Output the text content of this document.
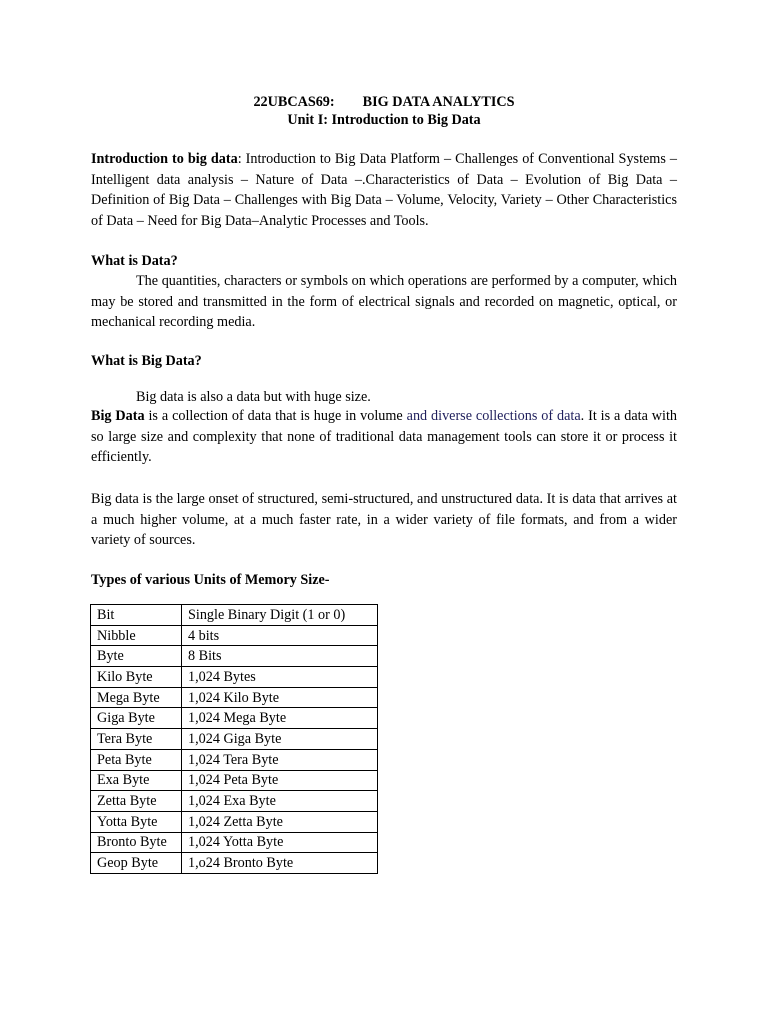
22UBCAS69: BIG DATA ANALYTICS
Unit I: Introduction to Big Data
Introduction to big data: Introduction to Big Data Platform – Challenges of Conventional Systems – Intelligent data analysis – Nature of Data –.Characteristics of Data – Evolution of Big Data – Definition of Big Data – Challenges with Big Data – Volume, Velocity, Variety – Other Characteristics of Data – Need for Big Data–Analytic Processes and Tools.
What is Data?
The quantities, characters or symbols on which operations are performed by a computer, which may be stored and transmitted in the form of electrical signals and recorded on magnetic, optical, or mechanical recording media.
What is Big Data?
Big data is also a data but with huge size.
Big Data is a collection of data that is huge in volume and diverse collections of data. It is a data with so large size and complexity that none of traditional data management tools can store it or process it efficiently.
Big data is the large onset of structured, semi-structured, and unstructured data. It is data that arrives at a much higher volume, at a much faster rate, in a wider variety of file formats, and from a wider variety of sources.
Types of various Units of Memory Size-
Bit	Single Binary Digit (1 or 0)
Nibble	4 bits
Byte	8 Bits
Kilo Byte	1,024 Bytes
Mega Byte	1,024 Kilo Byte
Giga Byte	1,024 Mega Byte
Tera Byte	1,024 Giga Byte
Peta Byte	1,024 Tera Byte
Exa Byte	1,024 Peta Byte
Zetta Byte	1,024 Exa Byte
Yotta Byte	1,024 Zetta Byte
Bronto Byte	1,024 Yotta Byte
Geop Byte	1,o24 Bronto Byte
